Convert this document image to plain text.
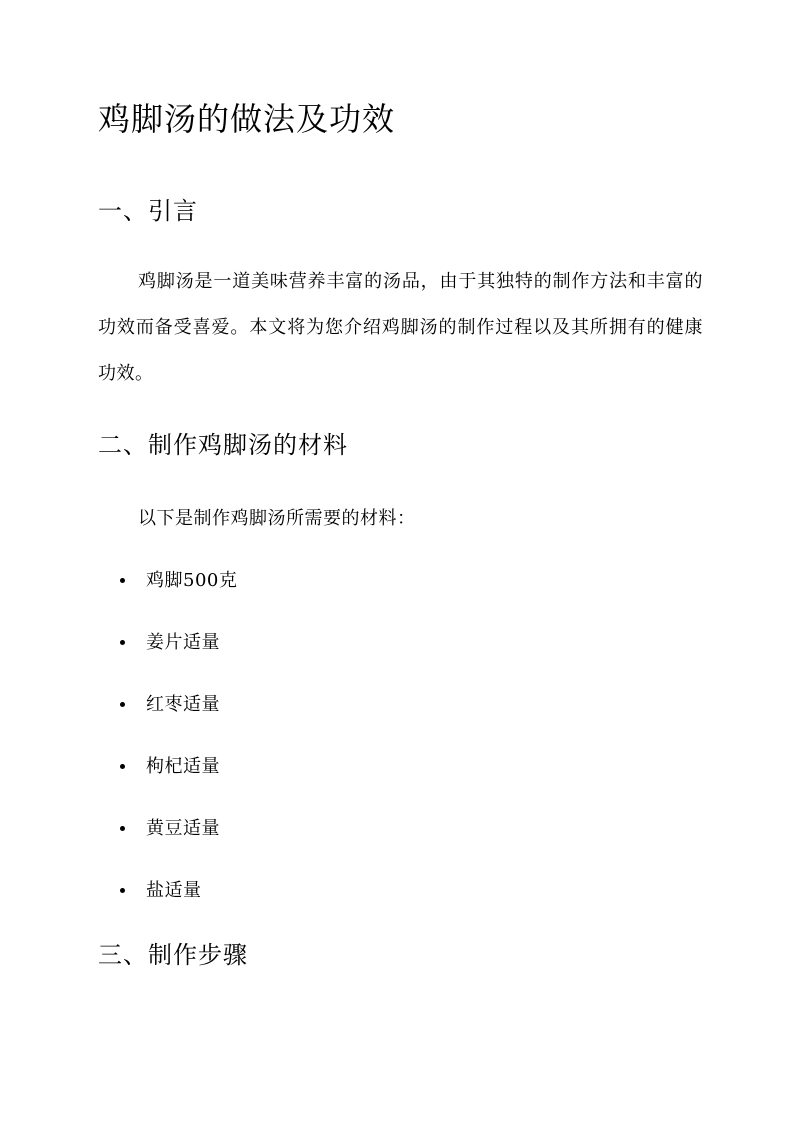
鸡脚汤的做法及功效
一、引言

鸡脚汤是一道美味营养丰富的汤品，由于其独特的制作方法和丰富的功效而备受喜爱。本文将为您介绍鸡脚汤的制作过程以及其所拥有的健康功效。

二、制作鸡脚汤的材料

以下是制作鸡脚汤所需要的材料：

鸡脚500克
姜片适量
红枣适量
枸杞适量
黄豆适量
盐适量
三、制作步骤
